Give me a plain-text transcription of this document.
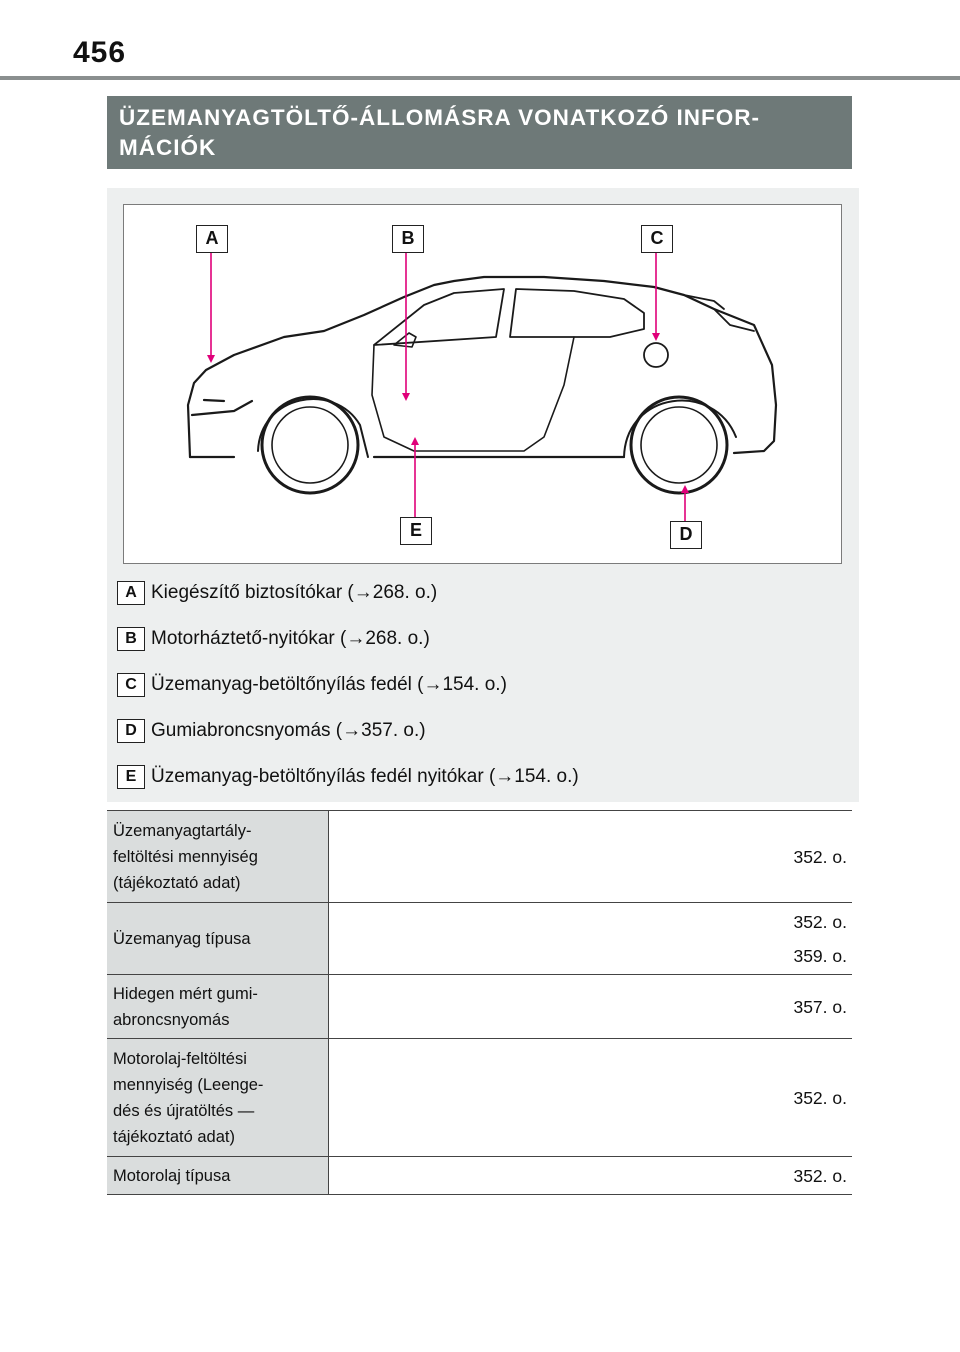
456
ÜZEMANYAGTÖLTŐ-ÁLLOMÁSRA VONATKOZÓ INFOR-
MÁCIÓK
A	B	C
D
E
A Kiegészítő biztosítókar (→268. o.)
B Motorháztető-nyitókar (→268. o.)
C Üzemanyag-betöltőnyílás fedél (→154. o.)
D Gumiabroncsnyomás (→357. o.)
E Üzemanyag-betöltőnyílás fedél nyitókar (→154. o.)
Üzemanyagtartály-
feltöltési mennyiség
(tájékoztató adat)	352. o.

Üzemanyag típusa	352. o.
359. o.

Hidegen mért gumi-
abroncsnyomás	357. o.

Motorolaj-feltöltési
mennyiség (Leenge-
dés és újratöltés —
tájékoztató adat)	352. o.

Motorolaj típusa	352. o.
